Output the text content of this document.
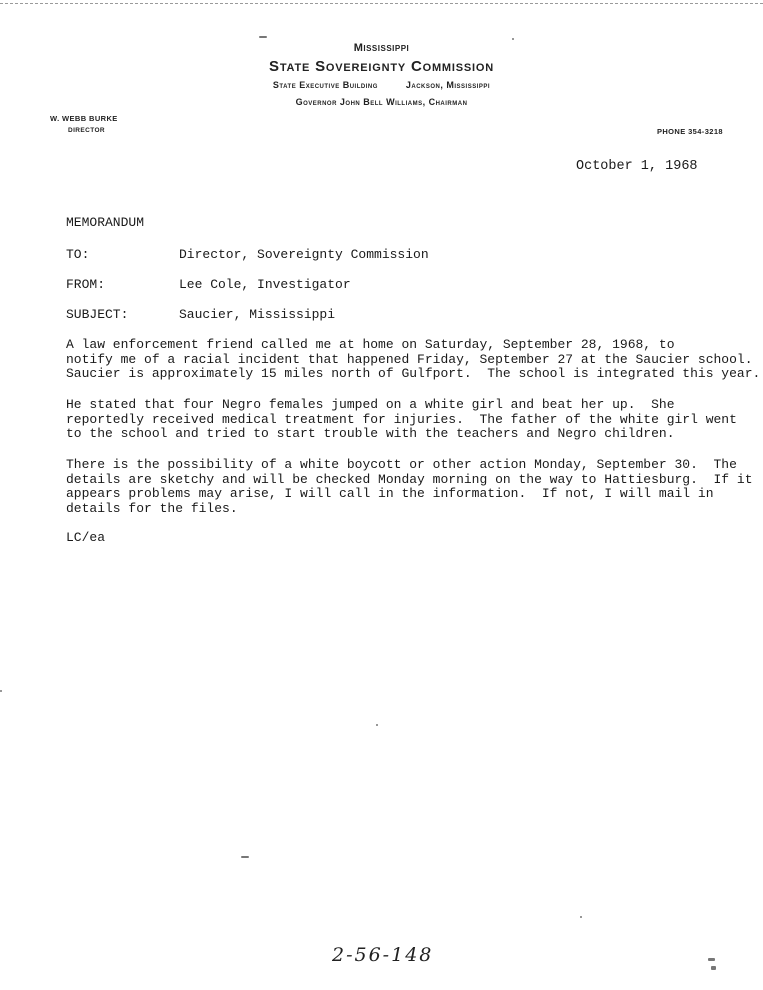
Mississippi
State Sovereignty Commission
State Executive Building	Jackson, Mississippi
Governor John Bell Williams, Chairman
W. WEBB BURKE
DIRECTOR	PHONE 354-3218
October 1, 1968
MEMORANDUM
TO:	Director, Sovereignty Commission
FROM:	Lee Cole, Investigator
SUBJECT:	Saucier, Mississippi
A law enforcement friend called me at home on Saturday, September 28, 1968, to
notify me of a racial incident that happened Friday, September 27 at the Saucier school.
Saucier is approximately 15 miles north of Gulfport.  The school is integrated this year.
He stated that four Negro females jumped on a white girl and beat her up.  She
reportedly received medical treatment for injuries.  The father of the white girl went
to the school and tried to start trouble with the teachers and Negro children.
There is the possibility of a white boycott or other action Monday, September 30.  The
details are sketchy and will be checked Monday morning on the way to Hattiesburg.  If it
appears problems may arise, I will call in the information.  If not, I will mail in
details for the files.
LC/ea
2-56-148
